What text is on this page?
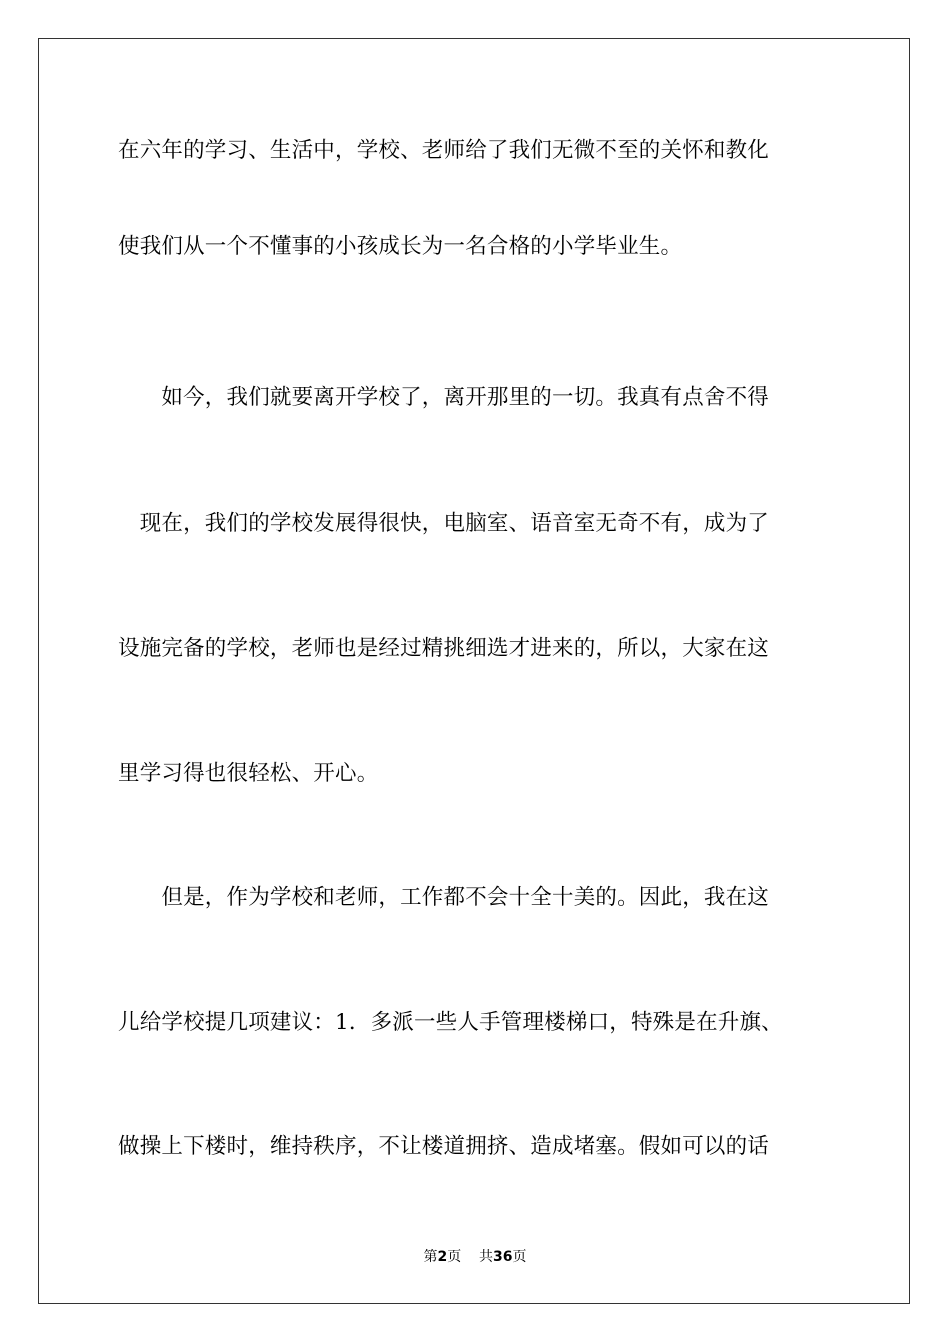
在六年的学习、生活中，学校、老师给了我们无微不至的关怀和教化
使我们从一个不懂事的小孩成长为一名合格的小学毕业生。
　　如今，我们就要离开学校了，离开那里的一切。我真有点舍不得
　现在，我们的学校发展得很快，电脑室、语音室无奇不有，成为了
设施完备的学校，老师也是经过精挑细选才进来的，所以，大家在这
里学习得也很轻松、开心。
　　但是，作为学校和老师，工作都不会十全十美的。因此，我在这
儿给学校提几项建议：1．多派一些人手管理楼梯口，特殊是在升旗、
做操上下楼时，维持秩序，不让楼道拥挤、造成堵塞。假如可以的话
第2页 共36页
